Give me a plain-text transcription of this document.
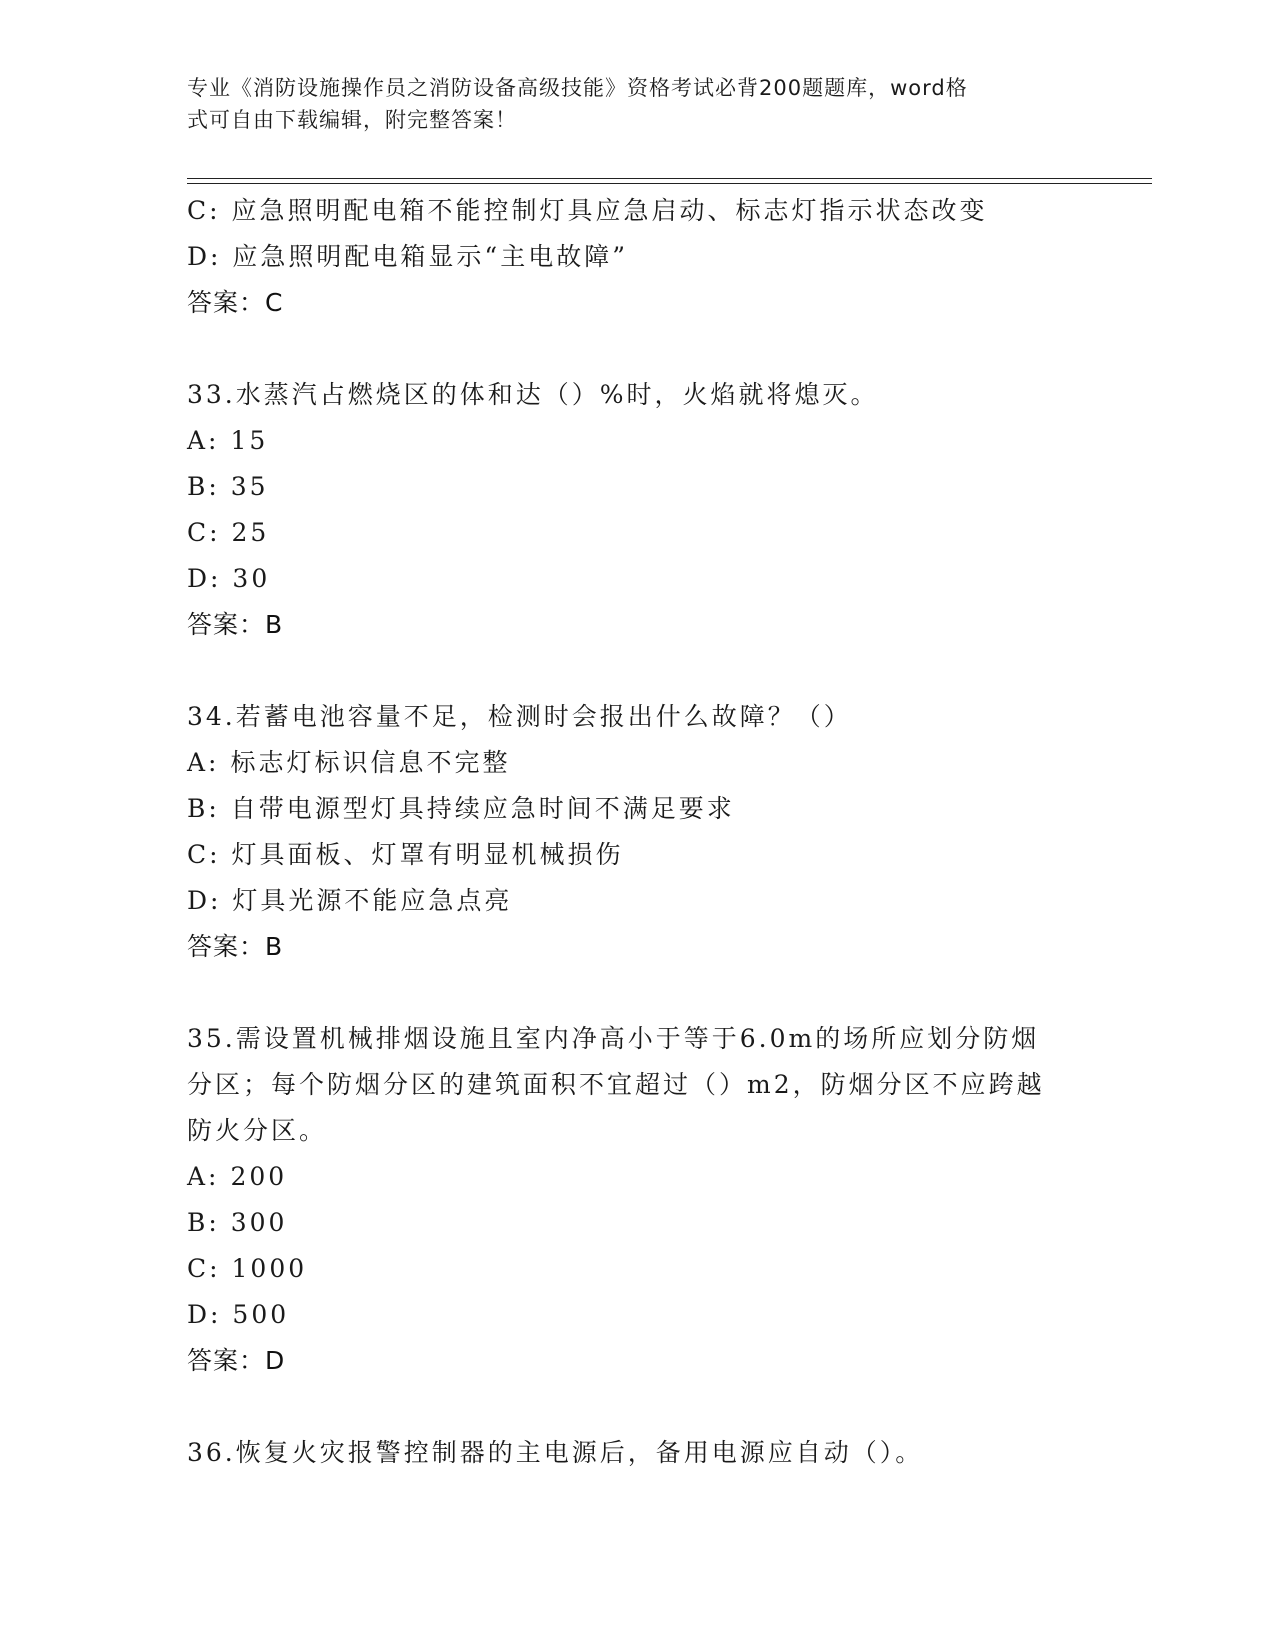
专业《消防设施操作员之消防设备高级技能》资格考试必背200题题库，word格
式可自由下载编辑，附完整答案！
C: 应急照明配电箱不能控制灯具应急启动、标志灯指示状态改变
D: 应急照明配电箱显示“主电故障”
答案：C
33.水蒸汽占燃烧区的体和达（）%时，火焰就将熄灭。
A: 15
B: 35
C: 25
D: 30
答案：B
34.若蓄电池容量不足，检测时会报出什么故障？（）
A: 标志灯标识信息不完整
B: 自带电源型灯具持续应急时间不满足要求
C: 灯具面板、灯罩有明显机械损伤
D: 灯具光源不能应急点亮
答案：B
35.需设置机械排烟设施且室内净高小于等于6.0m的场所应划分防烟
分区；每个防烟分区的建筑面积不宜超过（）m2，防烟分区不应跨越
防火分区。
A: 200
B: 300
C: 1000
D: 500
答案：D
36.恢复火灾报警控制器的主电源后，备用电源应自动（）。
